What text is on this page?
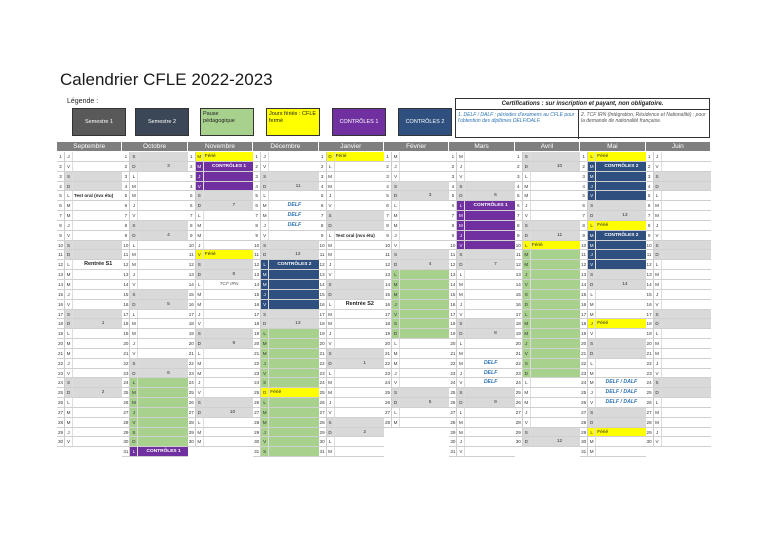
Calendrier CFLE 2022-2023
Légende :
Semestre 1	Semestre 2
Pause pédagogique
Jours fériés : CFLE fermé	CONTRÔLES 1	CONTRÔLES 2
Certifications : sur inscription et payant, non obligatoire.
1. DELF / DALF : périodes d'examens au CFLE pour l'obtention des diplômes DELF/DALF.
2. TCF IRN (Intégration, Résidence et Nationalité) : pour la demande de nationalité française.
Septembre
1	J
2	V
3	S
4	D
5	L Test oral (nvx étu)
6	M
7	M
8	J
9	V
10 S
11 D
12 L	Rentrée S1
13 M
14 M
15 J
16 V
17 S
18 D	1
19 L
20 M
21 M
22 J
23 V
24 S
25 D	2
26 L
27 M
28 M
29 J
30 V
Octobre
1	S
2	D	3
3	L
4	M
5	M
6	J
7	V
8	S
9	D	4
10 L
11 M
12 M
13 J
14 V
15 S
16 D	5
17 L
18 M
19 M
20 J
21 V
22 S
23 D	6
24 L
25 M
26 M
27 J
28 V
29 S
30 D
31 L	CONTRÔLES 1
Novembre
1	M Férié
2	M	CONTRÔLES 1
3	J
4	V
5	S
6	D	7
7	L
8	M
9	M
10 J
11 V Férié
12 S
13 D	8
14 L	TCF IRN
15 M
16 M
17 J
18 V
19 S
20 D	9
21 L
22 M
23 M
24 J
25 V
26 S
27 D	10
28 L
29 M
30 M
Décembre
1	J
2	V
3	S
4	D	11
5	L
6	M	DELF
7	M	DELF
8	J	DELF
9	V
10 S
11 D	12
12 L	CONTRÔLES 2
13 M
14 M
15 J
16 V
17 S
18 D	13
19 L
20 M
21 M
22 J
23 V
24 S
25 D Férié
26 L
27 M
28 M
29 J
30 V
31 S
Janvier
1	D Férié
2	L
3	M
4	M
5	J
6	V
7	S
8	D
9	L Test oral (nvx étu)
10 M
11 M
12 J
13 V
14 S
15 D
16 L	Rentrée S2
17 M
18 M
19 J
20 V
21 S
22 D	1
23 L
24 M
25 M
26 J
27 V
28 S
29 D	2
30 L
31 M
Février
1	M
2	J
3	V
4	S
5	D	3
6	L
7	M
8	M
9	J
10 V
11 S
12 D	4
13 L
14 M
15 M
16 J
17 V
18 S
19 D
20 L
21 M
22 M
23 J
24 V
25 S
26 D	5
27 L
28 M
Mars
1	M
2	J
3	V
4	S
5	D	6
6	L	CONTRÔLES 1
7	M
8	M
9	J
10 V
11 S
12 D	7
13 L
14 M
15 M
16 J
17 V
18 S
19 D	8
20 L
21 M
22 M	DELF
23 J	DELF
24 V	DELF
25 S
26 D	9
27 L
28 M
29 M
30 J
31 V
Avril
1	S
2	D	10
3	L
4	M
5	M
6	J
7	V
8	S
9	D	11
10 L Férié
11 M
12 M
13 J
14 V
15 S
16 D
17 L
18 M
19 M
20 J
21 V
22 S
23 D
24 L
25 M
26 M
27 J
28 V
29 S
30 D	12
Mai
1	L Férié
2	M	CONTRÔLES 2
3	M
4	J
5	V
6	S
7	D	13
8	L Férié
9	M	CONTRÔLES 2
10 M
11 J
12 V
13 S
14 D	14
15 L
16 M
17 M
18 J Férié
19 V
20 S
21 D
22 L
23 M
24 M	DELF / DALF
25 J	DELF / DALF
26 V	DELF / DALF
27 S
28 D
29 L Férié
30 M
31 M
Juin
1	J
2	V
3	S
4	D
5	L
6	M
7	M
8	J
9	V
10 S
11 D
12 L
13 M
14 M
15 J
16 V
17 S
18 D
19 L
20 M
21 M
22 J
23 V
24 S
25 D
26 L
27 M
28 M
29 J
30 V
